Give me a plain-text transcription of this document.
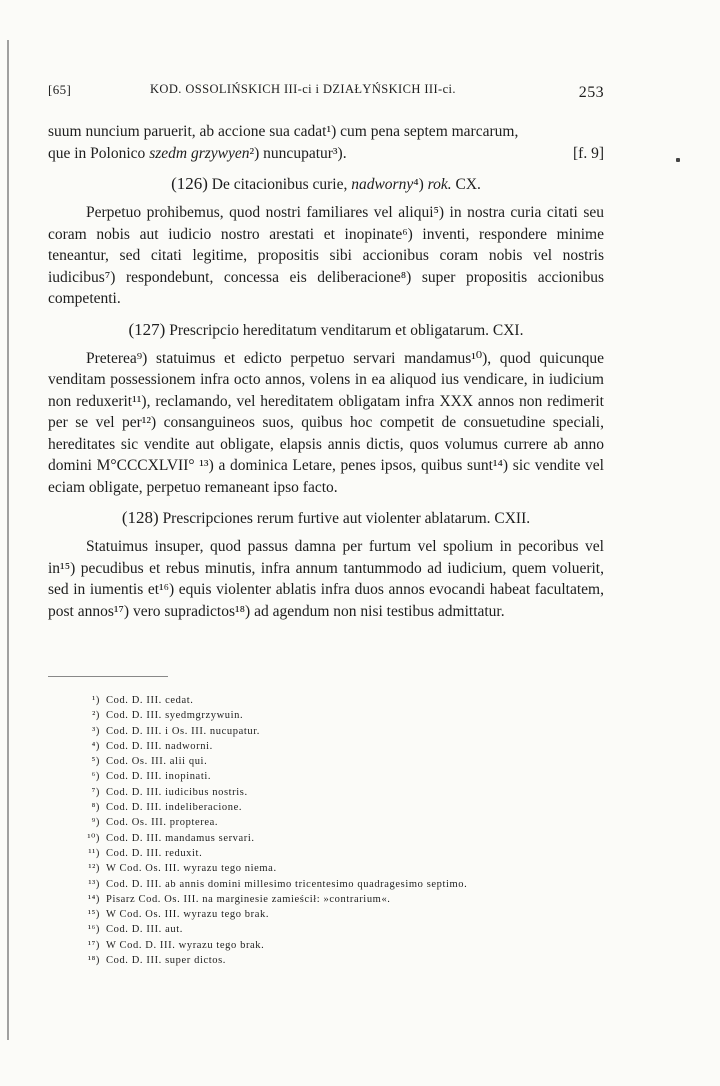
[65]	KOD. OSSOLIŃSKICH III-ci i DZIAŁYŃSKICH III-ci.	253

suum nuncium paruerit, ab accione sua cadat¹) cum pena septem marcarum,

que in Polonico szedm grzywyen²) nuncupatur³).	[f. 9]
(126) De citacionibus curie, nadworny⁴) rok. CX.

Perpetuo prohibemus, quod nostri familiares vel aliqui⁵) in nostra curia citati seu coram nobis aut iudicio nostro arestati et inopinate⁶) inventi, respondere minime teneantur, sed citati legitime, propositis sibi accionibus coram nobis vel nostris iudicibus⁷) respondebunt, concessa eis deliberacione⁸) super propositis accionibus competenti.

(127) Prescripcio hereditatum venditarum et obligatarum. CXI.

Preterea⁹) statuimus et edicto perpetuo servari mandamus¹⁰), quod quicunque venditam possessionem infra octo annos, volens in ea aliquod ius vendicare, in iudicium non reduxerit¹¹), reclamando, vel hereditatem obligatam infra XXX annos non redimerit per se vel per¹²) consanguineos suos, quibus hoc competit de consuetudine speciali, hereditates sic vendite aut obligate, elapsis annis dictis, quos volumus currere ab anno domini M°CCCXLVII° ¹³) a dominica Letare, penes ipsos, quibus sunt¹⁴) sic vendite vel eciam obligate, perpetuo remaneant ipso facto.

(128) Prescripciones rerum furtive aut violenter ablatarum. CXII.

Statuimus insuper, quod passus damna per furtum vel spolium in pecoribus vel in¹⁵) pecudibus et rebus minutis, infra annum tantummodo ad iudicium, quem voluerit, sed in iumentis et¹⁶) equis violenter ablatis infra duos annos evocandi habeat facultatem, post annos¹⁷) vero supradictos¹⁸) ad agendum non nisi testibus admittatur.

¹) Cod. D. III. cedat.
²) Cod. D. III. syedmgrzywuin.
³) Cod. D. III. i Os. III. nucupatur.
⁴) Cod. D. III. nadworni.
⁵) Cod. Os. III. alii qui.
⁶) Cod. D. III. inopinati.
⁷) Cod. D. III. iudicibus nostris.
⁸) Cod. D. III. indeliberacione.
⁹) Cod. Os. III. propterea.
¹⁰) Cod. D. III. mandamus servari.
¹¹) Cod. D. III. reduxit.
¹²) W Cod. Os. III. wyrazu tego niema.
¹³) Cod. D. III. ab annis domini millesimo tricentesimo quadragesimo septimo.
¹⁴) Pisarz Cod. Os. III. na marginesie zamieścił: »contrarium«.
¹⁵) W Cod. Os. III. wyrazu tego brak.
¹⁶) Cod. D. III. aut.
¹⁷) W Cod. D. III. wyrazu tego brak.
¹⁸) Cod. D. III. super dictos.
